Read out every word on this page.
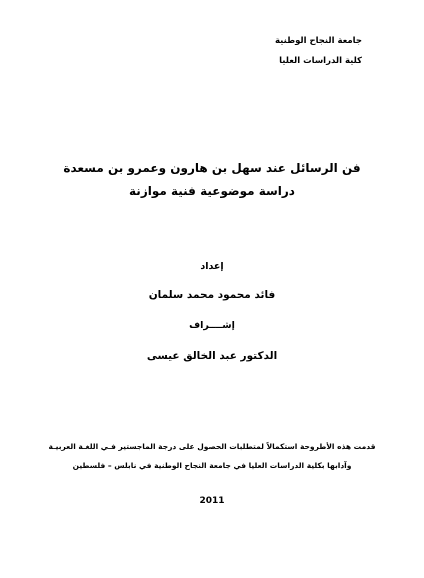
جامعة النجاح الوطنية
كلية الدراسات العليا
فن الرسائل عند سهل بن هارون وعمرو بن مسعدة
دراسة موضوعية فنية موازنة
إعداد
فائد محمود محمد سلمان
إشــــراف
الدكتور عبد الخالق عيسى
قدمت هذه الأطروحة استكمالاً لمتطلبات الحصول على درجة الماجستير فـي اللغـة العربيـة
وآدابها بكلية الدراسات العليا في جامعة النجاح الوطنية في نابلس – فلسطين
2011
